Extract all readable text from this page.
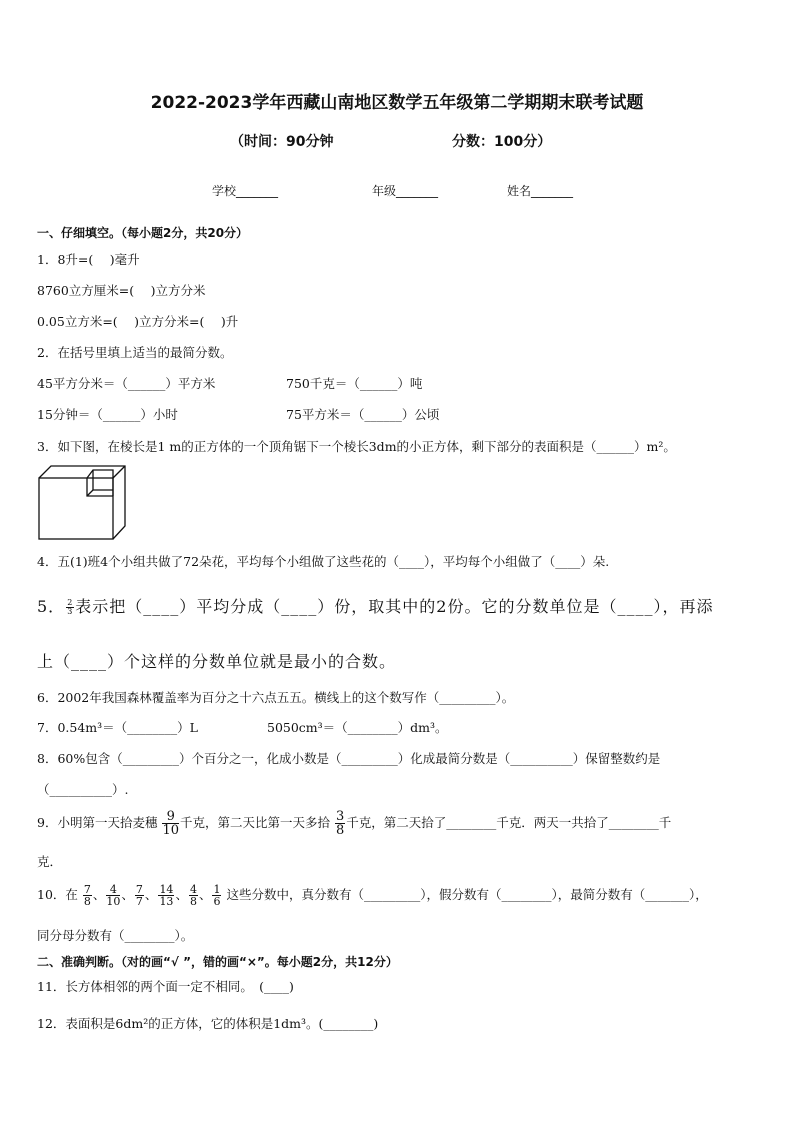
2022-2023学年西藏山南地区数学五年级第二学期期末联考试题
（时间：90分钟	分数：100分）
学校_______	年级_______	姓名_______
一、仔细填空。（每小题2分，共20分）
1．8升=(　 )毫升
8760立方厘米=(　 )立方分米
0.05立方米=(　 )立方分米=(　 )升
2．在括号里填上适当的最简分数。
45平方分米＝（______）平方米	750千克＝（______）吨
15分钟＝（______）小时	75平方米＝（______）公顷
3．如下图，在棱长是1 m的正方体的一个顶角锯下一个棱长3dm的小正方体，剩下部分的表面积是（______）m²。
4．五(1)班4个小组共做了72朵花，平均每个小组做了这些花的（____），平均每个小组做了（____）朵.
5． $\frac{2}{3}$ 表示把（____）平均分成（____）份，取其中的2份。它的分数单位是（____），再添
上（____）个这样的分数单位就是最小的合数。
6．2002年我国森林覆盖率为百分之十六点五五。横线上的这个数写作（_________）。
7．0.54m³＝（________）L	5050cm³＝（________）dm³。
8．60%包含（_________）个百分之一，化成小数是（_________）化成最简分数是（__________）保留整数约是
（__________）.
9．小明第一天拾麦穗 $\frac{9}{10}$ 千克，第二天比第一天多拾 $\frac{3}{8}$ 千克，第二天拾了________千克．两天一共拾了________千
克．
10．在 $\frac{7}{8}$ 、 $\frac{4}{10}$ 、 $\frac{7}{7}$ 、 $\frac{14}{13}$ 、 $\frac{4}{8}$ 、 $\frac{1}{6}$ 这些分数中，真分数有（_________），假分数有（________），最简分数有（_______），
同分母分数有（________）。
二、准确判断。（对的画“√ ”，错的画“×”。每小题2分，共12分）
11．长方体相邻的两个面一定不相同。　(____)
12．表面积是6dm²的正方体，它的体积是1dm³。(________)
